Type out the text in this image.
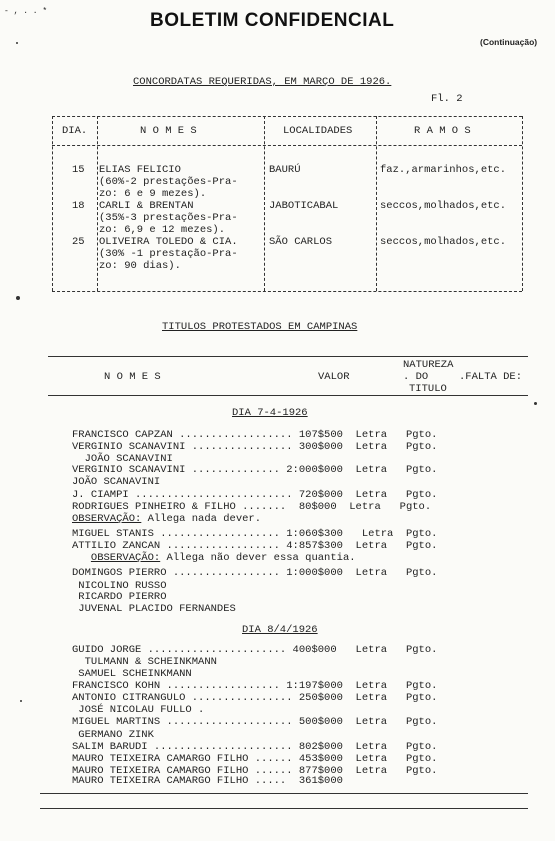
- , . . *	BOLETIM CONFIDENCIAL
(Continuação)
CONCORDATAS REQUERIDAS, EM MARÇO DE 1926.
Fl. 2
DIA.	N O M E S	LOCALIDADES	R A M O S
15 ELIAS FELICIO
(60%-2 prestações-Pra-
zo: 6 e 9 mezes).
BAURÚ	faz.,armarinhos,etc.
18 CARLI & BRENTAN
(35%-3 prestações-Pra-
zo: 6,9 e 12 mezes).
JABOTICABAL	seccos,molhados,etc.
25 OLIVEIRA TOLEDO & CIA.
(30% -1 prestação-Pra-
zo: 90 dias).
SÃO CARLOS	seccos,molhados,etc.
TITULOS PROTESTADOS EM CAMPINAS
N O M E S	VALOR
NATUREZA
. DO
TITULO
.FALTA DE:
DIA 7-4-1926
FRANCISCO CAPZAN .................. 107$500  Letra   Pgto.
VERGINIO SCANAVINI ................ 300$000  Letra   Pgto.
JOÃO SCANAVINI
VERGINIO SCANAVINI .............. 2:000$000  Letra   Pgto.
JOÃO SCANAVINI
J. CIAMPI ......................... 720$000  Letra   Pgto.
RODRIGUES PINHEIRO & FILHO .......  80$000  Letra   Pgto.
OBSERVAÇÃO: Allega nada dever.
MIGUEL STANIS ................... 1:060$300   Letra  Pgto.
ATTILIO ZANCAN .................. 4:857$300  Letra   Pgto.
OBSERVAÇÃO: Allega não dever essa quantia.
DOMINGOS PIERRO ................. 1:000$000  Letra   Pgto.
NICOLINO RUSSO
RICARDO PIERRO
JUVENAL PLACIDO FERNANDES
DIA 8/4/1926
GUIDO JORGE ...................... 400$000   Letra   Pgto.
TULMANN & SCHEINKMANN
SAMUEL SCHEINKMANN
FRANCISCO KOHN .................. 1:197$000  Letra   Pgto.
ANTONIO CITRANGULO ................ 250$000  Letra   Pgto.
JOSÉ NICOLAU FULLO .
MIGUEL MARTINS .................... 500$000  Letra   Pgto.
GERMANO ZINK
SALIM BARUDI ...................... 802$000  Letra   Pgto.
MAURO TEIXEIRA CAMARGO FILHO ...... 453$000  Letra   Pgto.
MAURO TEIXEIRA CAMARGO FILHO ...... 877$000  Letra   Pgto.
MAURO TEIXEIRA CAMARGO FILHO .....  361$000
